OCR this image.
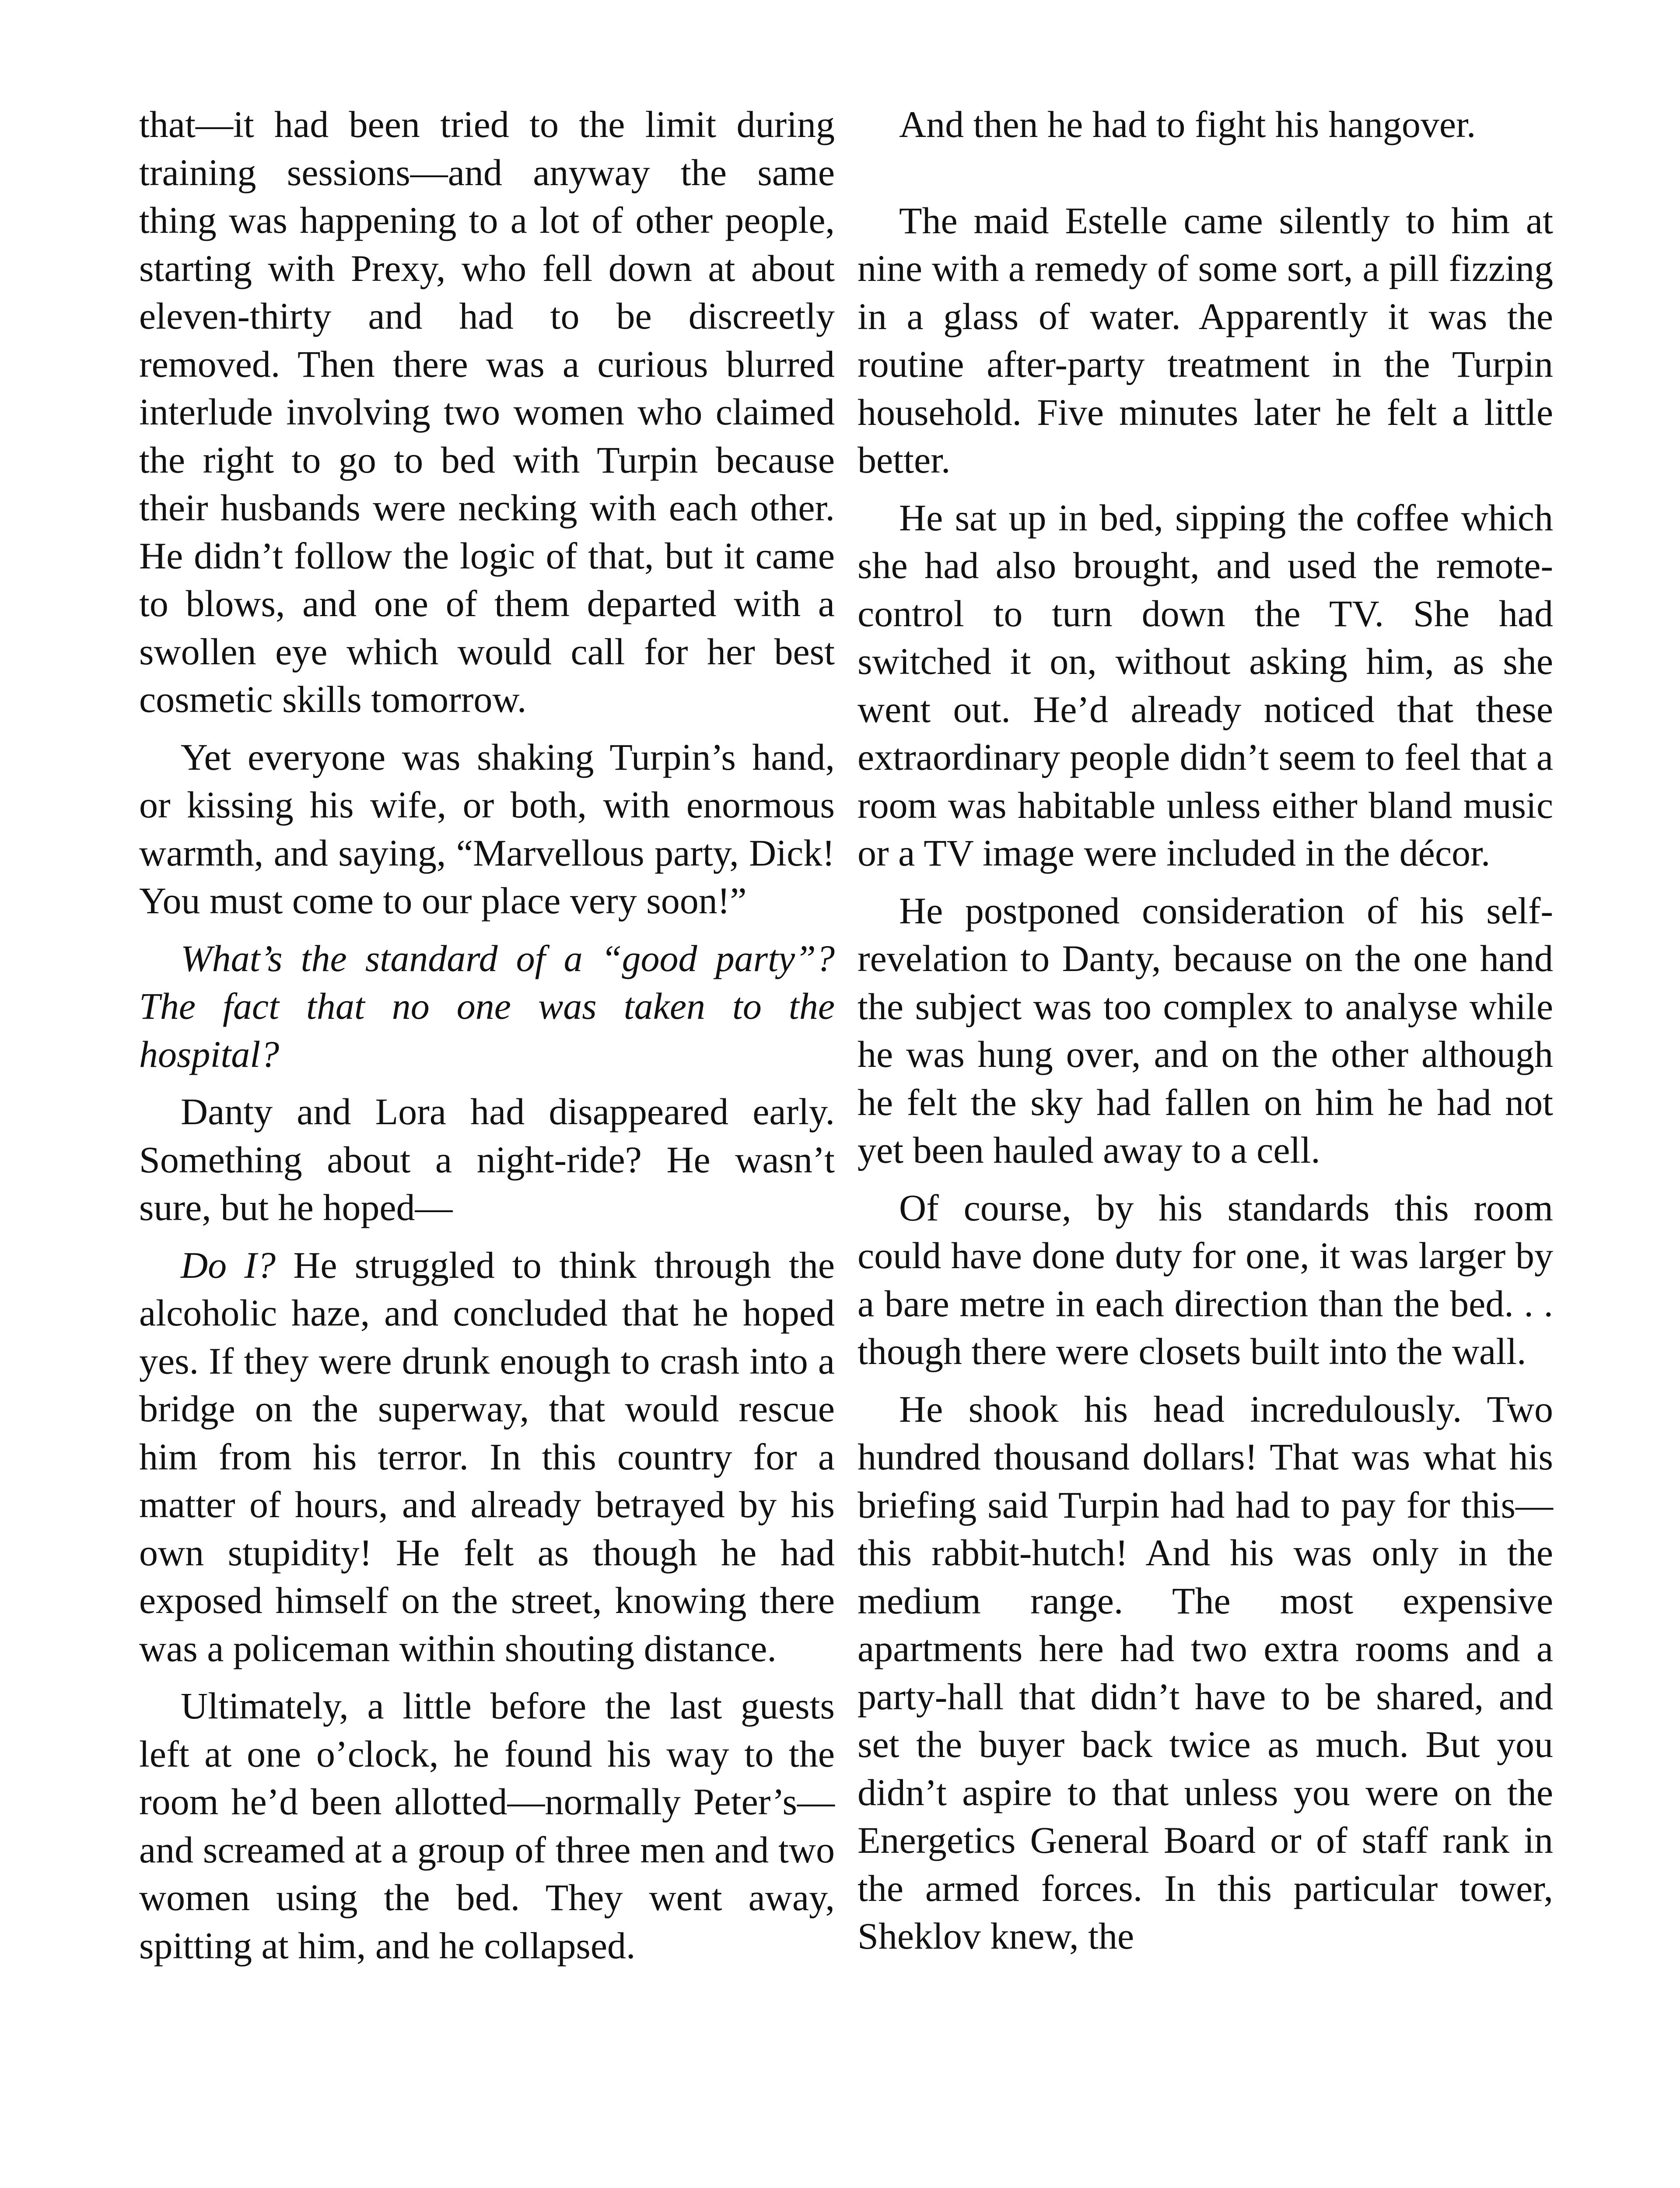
that—it had been tried to the limit during training sessions—and anyway the same thing was happening to a lot of other people, starting with Prexy, who fell down at about eleven-thirty and had to be discreetly removed. Then there was a curious blurred interlude involving two women who claimed the right to go to bed with Turpin because their husbands were necking with each other. He didn’t follow the logic of that, but it came to blows, and one of them departed with a swollen eye which would call for her best cosmetic skills tomorrow.

Yet everyone was shaking Turpin’s hand, or kissing his wife, or both, with enormous warmth, and saying, “Marvellous party, Dick! You must come to our place very soon!”

What’s the standard of a “good party”? The fact that no one was taken to the hospital?

Danty and Lora had disappeared early. Something about a night-ride? He wasn’t sure, but he hoped—

Do I? He struggled to think through the alcoholic haze, and concluded that he hoped yes. If they were drunk enough to crash into a bridge on the superway, that would rescue him from his terror. In this country for a matter of hours, and already betrayed by his own stupidity! He felt as though he had exposed himself on the street, knowing there was a policeman within shouting distance.

Ultimately, a little before the last guests left at one o’clock, he found his way to the room he’d been allotted—normally Peter’s—and screamed at a group of three men and two women using the bed. They went away, spitting at him, and he collapsed.

And then he had to fight his hangover.

The maid Estelle came silently to him at nine with a remedy of some sort, a pill fizzing in a glass of water. Apparently it was the routine after-party treatment in the Turpin household. Five minutes later he felt a little better.

He sat up in bed, sipping the coffee which she had also brought, and used the remote-control to turn down the TV. She had switched it on, without asking him, as she went out. He’d already noticed that these extraordinary people didn’t seem to feel that a room was habitable unless either bland music or a TV image were included in the décor.

He postponed consideration of his self-revelation to Danty, because on the one hand the subject was too complex to analyse while he was hung over, and on the other although he felt the sky had fallen on him he had not yet been hauled away to a cell.

Of course, by his standards this room could have done duty for one, it was larger by a bare metre in each direction than the bed. . . though there were closets built into the wall.

He shook his head incredulously. Two hundred thousand dollars! That was what his briefing said Turpin had had to pay for this—this rabbit-hutch! And his was only in the medium range. The most expensive apartments here had two extra rooms and a party-hall that didn’t have to be shared, and set the buyer back twice as much. But you didn’t aspire to that unless you were on the Energetics General Board or of staff rank in the armed forces. In this particular tower, Sheklov knew, the
